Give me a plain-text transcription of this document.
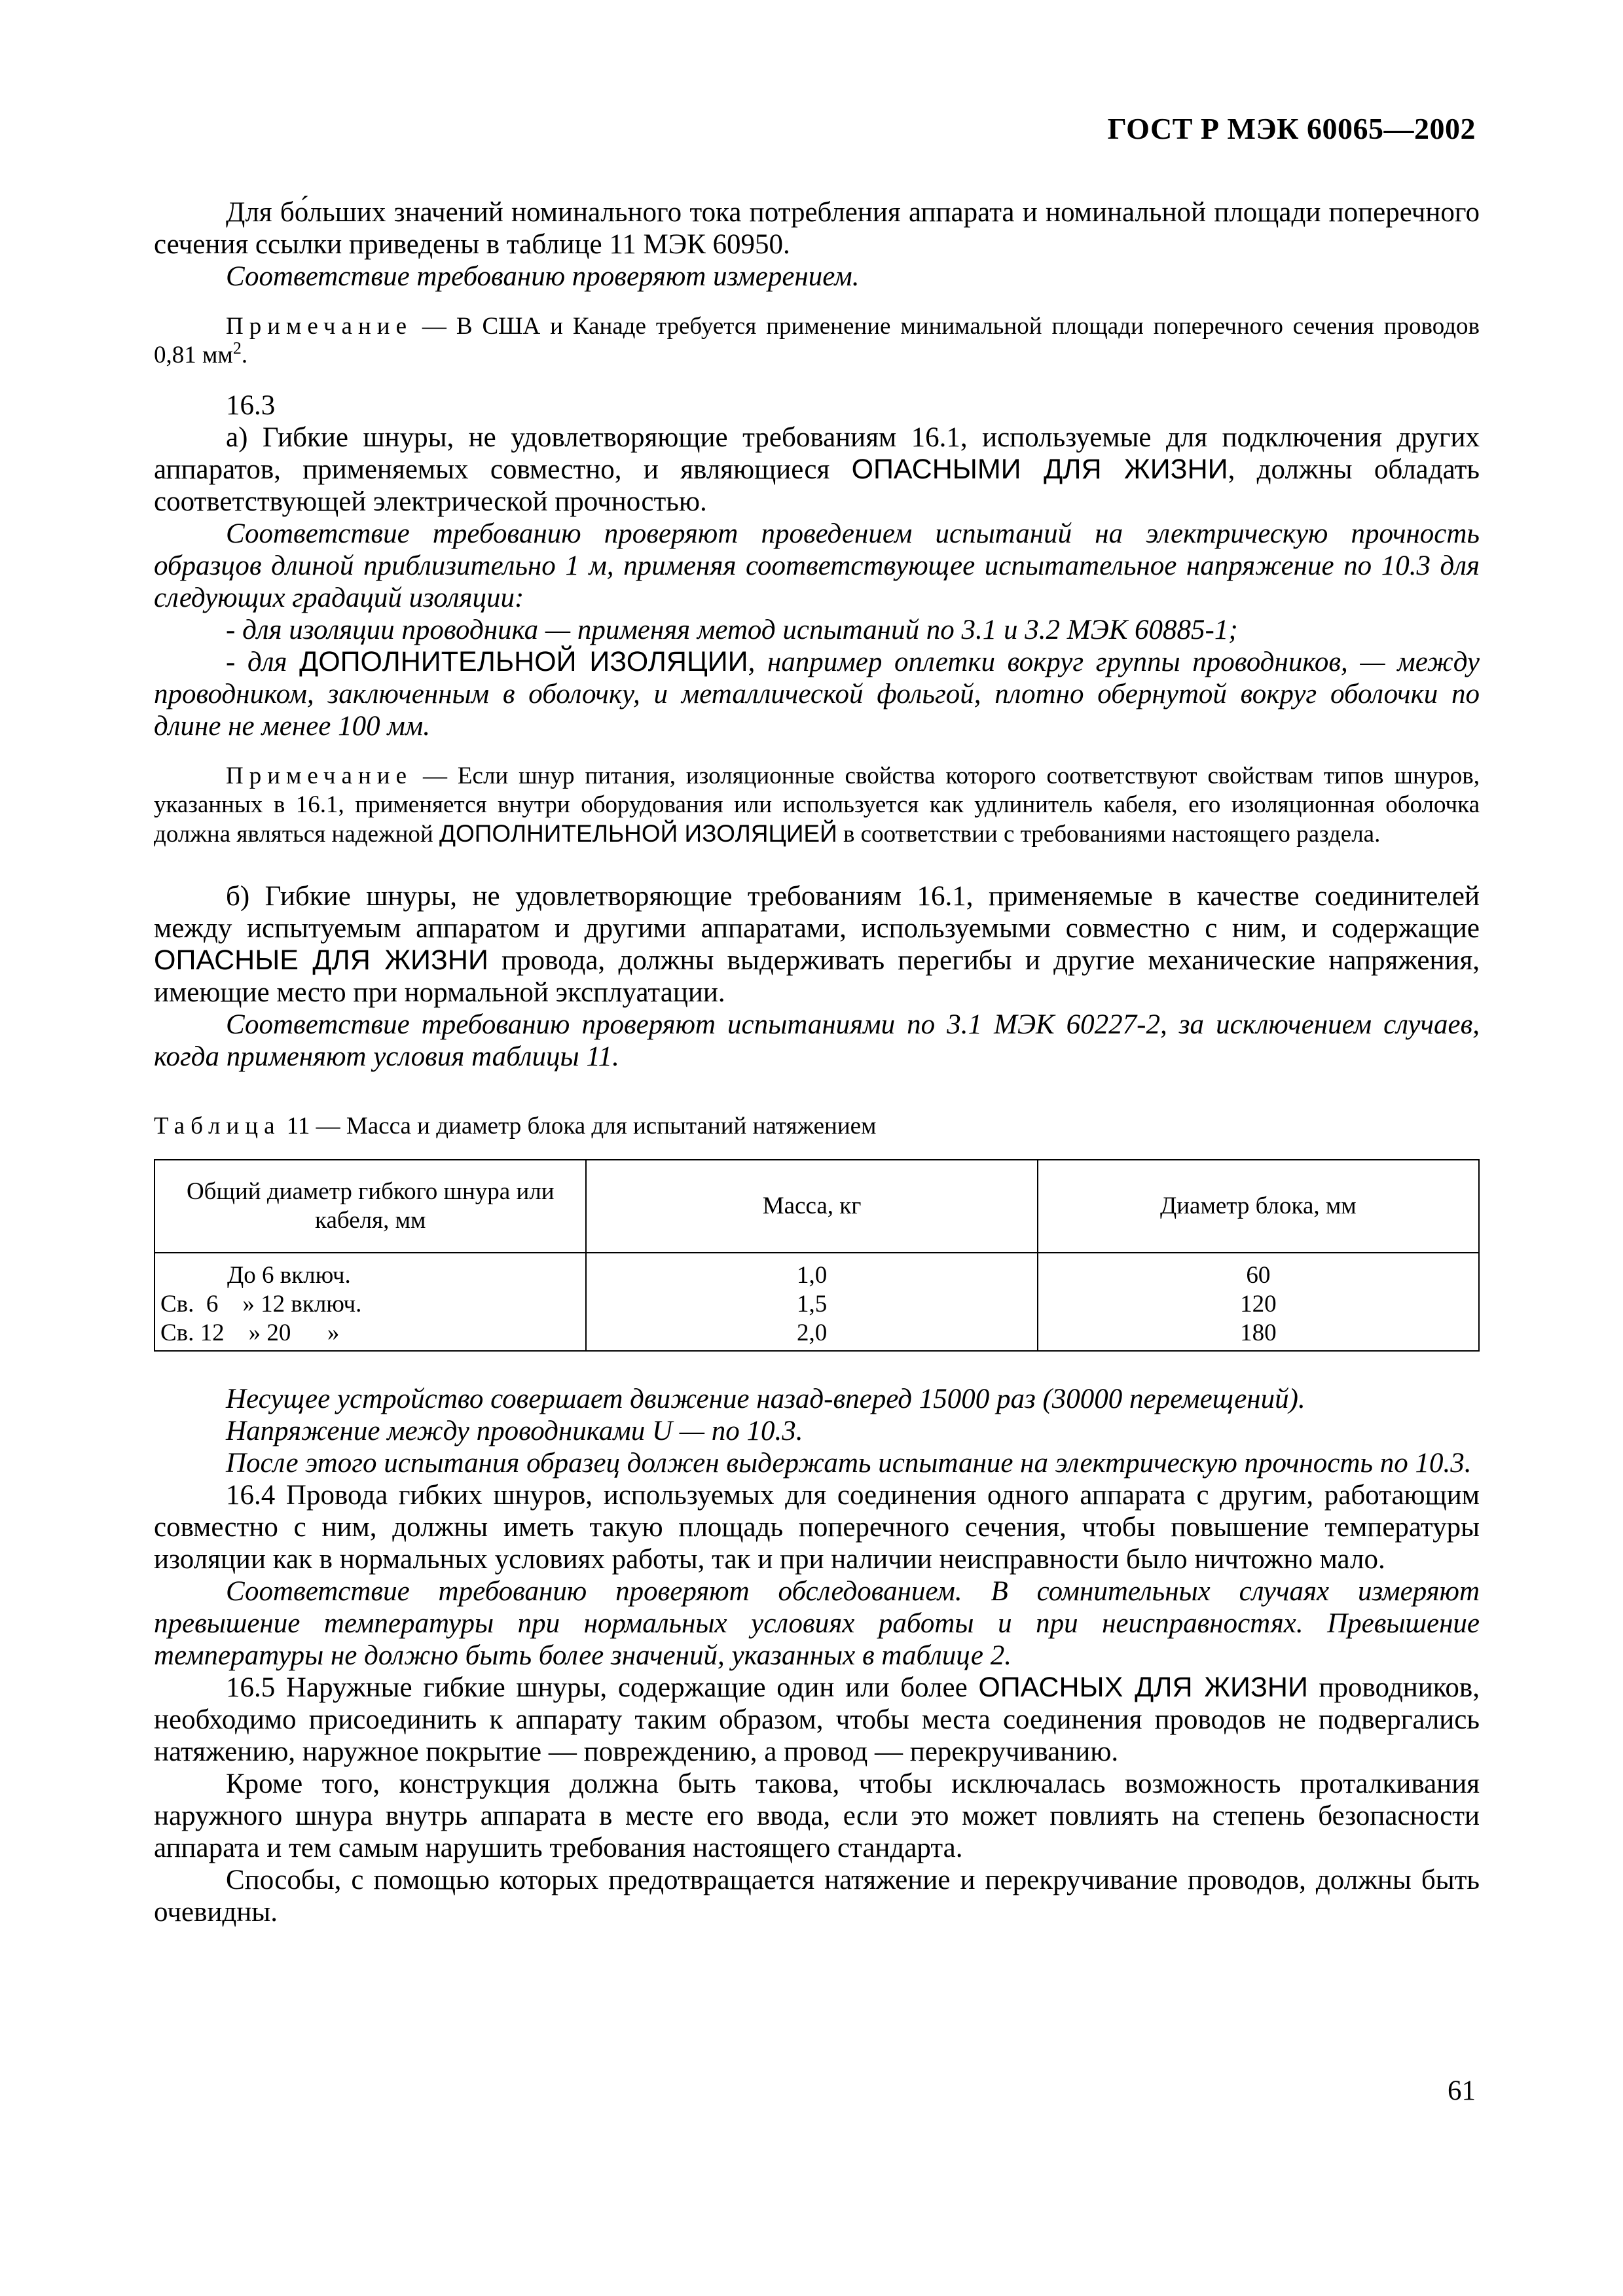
ГОСТ Р МЭК 60065—2002

Для бо́льших значений номинального тока потребления аппарата и номинальной площади поперечного сечения ссылки приведены в таблице 11 МЭК 60950.

Соответствие требованию проверяют измерением.

Примечание — В США и Канаде требуется применение минимальной площади поперечного сечения проводов 0,81 $мм^2$.

16.3

а) Гибкие шнуры, не удовлетворяющие требованиям 16.1, используемые для подключения других аппаратов, применяемых совместно, и являющиеся ОПАСНЫМИ ДЛЯ ЖИЗНИ, должны обладать соответствующей электрической прочностью.

Соответствие требованию проверяют проведением испытаний на электрическую прочность образцов длиной приблизительно 1 м, применяя соответствующее испытательное напряжение по 10.3 для следующих градаций изоляции:

- для изоляции проводника — применяя метод испытаний по 3.1 и 3.2 МЭК 60885-1;

- для ДОПОЛНИТЕЛЬНОЙ ИЗОЛЯЦИИ, например оплетки вокруг группы проводников, — между проводником, заключенным в оболочку, и металлической фольгой, плотно обернутой вокруг оболочки по длине не менее 100 мм.

Примечание — Если шнур питания, изоляционные свойства которого соответствуют свойствам типов шнуров, указанных в 16.1, применяется внутри оборудования или используется как удлинитель кабеля, его изоляционная оболочка должна являться надежной ДОПОЛНИТЕЛЬНОЙ ИЗОЛЯЦИЕЙ в соответствии с требованиями настоящего раздела.

б) Гибкие шнуры, не удовлетворяющие требованиям 16.1, применяемые в качестве соединителей между испытуемым аппаратом и другими аппаратами, используемыми совместно с ним, и содержащие ОПАСНЫЕ ДЛЯ ЖИЗНИ провода, должны выдерживать перегибы и другие механические напряжения, имеющие место при нормальной эксплуатации.

Соответствие требованию проверяют испытаниями по 3.1 МЭК 60227-2, за исключением случаев, когда применяют условия таблицы 11.

Таблица 11 — Масса и диаметр блока для испытаний натяжением

Общий диаметр гибкого шнура или кабеля, мм	Масса, кг	Диаметр блока, мм
До 6 включ.	1,0	60
Св.  6    » 12 включ.	1,5	120
Св. 12    » 20      »	2,0	180

Несущее устройство совершает движение назад-вперед 15000 раз (30000 перемещений).

Напряжение между проводниками U — по 10.3.

После этого испытания образец должен выдержать испытание на электрическую прочность по 10.3.

16.4 Провода гибких шнуров, используемых для соединения одного аппарата с другим, работающим совместно с ним, должны иметь такую площадь поперечного сечения, чтобы повышение температуры изоляции как в нормальных условиях работы, так и при наличии неисправности было ничтожно мало.

Соответствие требованию проверяют обследованием. В сомнительных случаях измеряют превышение температуры при нормальных условиях работы и при неисправностях. Превышение температуры не должно быть более значений, указанных в таблице 2.

16.5 Наружные гибкие шнуры, содержащие один или более ОПАСНЫХ ДЛЯ ЖИЗНИ проводников, необходимо присоединить к аппарату таким образом, чтобы места соединения проводов не подвергались натяжению, наружное покрытие — повреждению, а провод — перекручиванию.

Кроме того, конструкция должна быть такова, чтобы исключалась возможность проталкивания наружного шнура внутрь аппарата в месте его ввода, если это может повлиять на степень безопасности аппарата и тем самым нарушить требования настоящего стандарта.

Способы, с помощью которых предотвращается натяжение и перекручивание проводов, должны быть очевидны.

61
